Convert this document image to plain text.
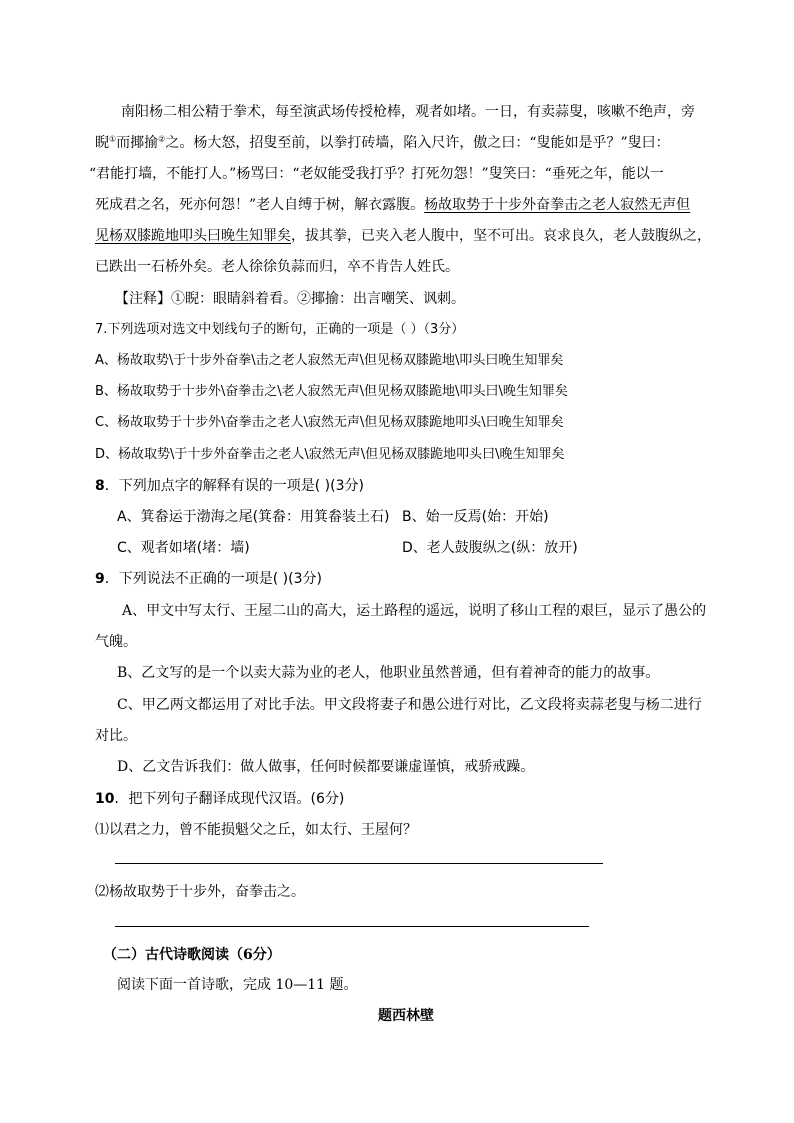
南阳杨二相公精于拳术，每至演武场传授枪棒，观者如堵。一日，有卖蒜叟，咳嗽不绝声，旁
睨①而揶揄②之。杨大怒，招叟至前，以拳打砖墙，陷入尺许，傲之曰：“叟能如是乎？”叟曰：
“君能打墙，不能打人。”杨骂曰：“老奴能受我打乎？打死勿怨！”叟笑曰：“垂死之年，能以一
死成君之名，死亦何怨！”老人自缚于树，解衣露腹。杨故取势于十步外奋拳击之老人寂然无声但
见杨双膝跪地叩头曰晚生知罪矣，拔其拳，已夹入老人腹中，坚不可出。哀求良久，老人鼓腹纵之，
已跌出一石桥外矣。老人徐徐负蒜而归，卒不肯告人姓氏。
【注释】①睨：眼睛斜着看。②揶揄：出言嘲笑、讽刺。
7.下列选项对选文中划线句子的断句，正确的一项是（ ）（3分）
A、杨故取势\于十步外奋拳\击之老人寂然无声\但见杨双膝跪地\叩头曰晚生知罪矣
B、杨故取势于十步外\奋拳击之\老人寂然无声\但见杨双膝跪地\叩头曰\晚生知罪矣
C、杨故取势于十步外\奋拳击之老人\寂然无声\但见杨双膝跪地叩头\曰晚生知罪矣
D、杨故取势\于十步外奋拳击之老人\寂然无声\但见杨双膝跪地叩头曰\晚生知罪矣
8．下列加点字的解释有误的一项是( )(3分)
A、箕畚运于渤海之尾(箕畚：用箕畚装土石) B、始一反焉(始：开始)
C、观者如堵(堵：墙)	D、老人鼓腹纵之(纵：放开)
9．下列说法不正确的一项是( )(3分)
A、甲文中写太行、王屋二山的高大，运土路程的遥远，说明了移山工程的艰巨，显示了愚公的
气魄。
B、乙文写的是一个以卖大蒜为业的老人，他职业虽然普通，但有着神奇的能力的故事。
C、甲乙两文都运用了对比手法。甲文段将妻子和愚公进行对比，乙文段将卖蒜老叟与杨二进行
对比。
D、乙文告诉我们：做人做事，任何时候都要谦虚谨慎，戒骄戒躁。
10．把下列句子翻译成现代汉语。(6分)
⑴以君之力，曾不能损魁父之丘，如太行、王屋何？
⑵杨故取势于十步外，奋拳击之。
（二）古代诗歌阅读（6分）
阅读下面一首诗歌，完成 10—11 题。
题西林壁
